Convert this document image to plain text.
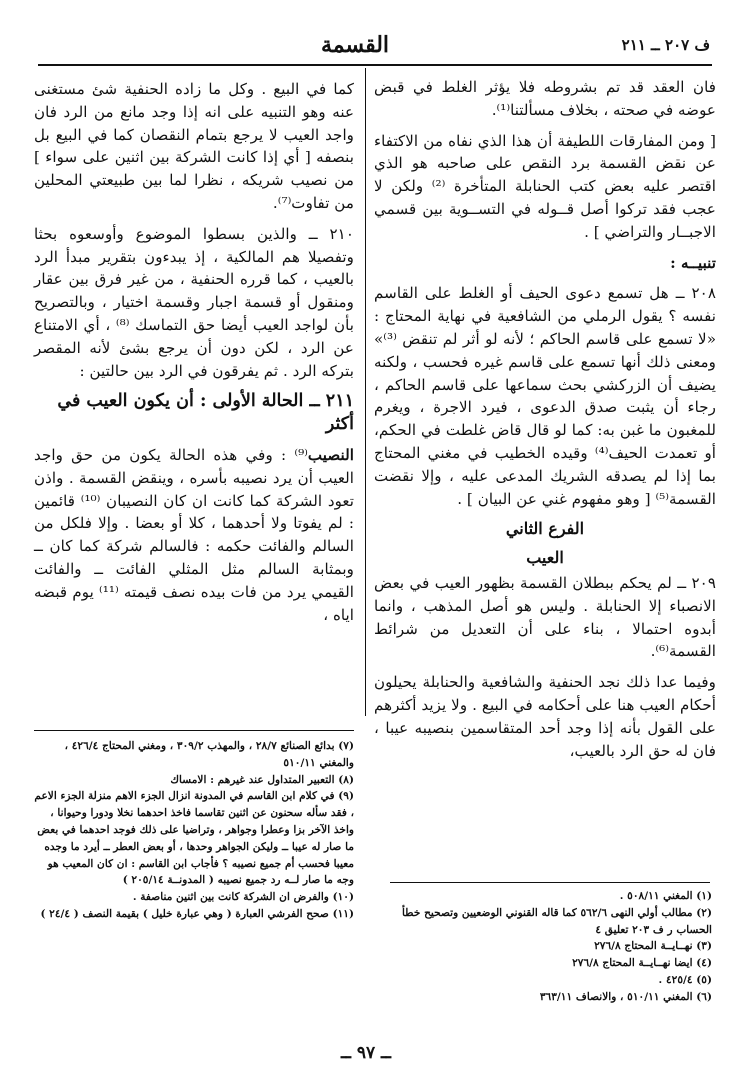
القسمة	ف ٢٠٧ ــ ٢١١

فان العقد قد تم بشروطه فلا يؤثر الغلط في قبض عوضه في صحته ، بخلاف مسألتنا⁽¹⁾.

[ ومن المفارقات اللطيفة أن هذا الذي نفاه من الاكتفاء عن نقض القسمة برد النقص على صاحبه هو الذي اقتصر عليه بعض كتب الحنابلة المتأخرة ⁽²⁾ ولكن لا عجب فقد تركوا أصل قــوله في التســوية بين قسمي الاجبــار والتراضي ] .

تنبيــه :

٢٠٨ ــ هل تسمع دعوى الحيف أو الغلط على القاسم نفسه ؟ يقول الرملي من الشافعية في نهاية المحتاج : «لا تسمع على قاسم الحاكم ؛ لأنه لو أثر لم تنقض ⁽³⁾» ومعنى ذلك أنها تسمع على قاسم غيره فحسب ، ولكنه يضيف أن الزركشي بحث سماعها على قاسم الحاكم ، رجاء أن يثبت صدق الدعوى ، فيرد الاجرة ، ويغرم للمغبون ما غبن به: كما لو قال قاض غلطت في الحكم، أو تعمدت الحيف⁽⁴⁾ وقيده الخطيب في مغني المحتاج بما إذا لم يصدقه الشريك المدعى عليه ، وإلا نقضت القسمة⁽⁵⁾ [ وهو مفهوم غني عن البيان ] .

الفرع الثاني
العيب

٢٠٩ ــ لم يحكم ببطلان القسمة بظهور العيب في بعض الانصباء إلا الحنابلة . وليس هو أصل المذهب ، وانما أبدوه احتمالا ، بناء على أن التعديل من شرائط القسمة⁽⁶⁾.

وفيما عدا ذلك نجد الحنفية والشافعية والحنابلة يحيلون أحكام العيب هنا على أحكامه في البيع . ولا يزيد أكثرهم على القول بأنه إذا وجد أحد المتقاسمين بنصيبه عيبا ، فان له حق الرد بالعيب،

كما في البيع . وكل ما زاده الحنفية شئ مستغنى عنه وهو التنبيه على انه إذا وجد مانع من الرد فان واجد العيب لا يرجع بتمام النقصان كما في البيع بل بنصفه [ أي إذا كانت الشركة بين اثنين على سواء ] من نصيب شريكه ، نظرا لما بين طبيعتي المحلين من تفاوت⁽⁷⁾.

٢١٠ ــ والذين بسطوا الموضوع وأوسعوه بحثا وتفصيلا هم المالكية ، إذ يبدءون بتقرير مبدأ الرد بالعيب ، كما قرره الحنفية ، من غير فرق بين عقار ومنقول أو قسمة اجبار وقسمة اختيار ، وبالتصريح بأن لواجد العيب أيضا حق التماسك ⁽⁸⁾ ، أي الامتناع عن الرد ، لكن دون أن يرجع بشئ لأنه المقصر بتركه الرد . ثم يفرقون في الرد بين حالتين :

٢١١ ــ الحالة الأولى : أن يكون العيب في أكثر

النصيب⁽⁹⁾ : وفي هذه الحالة يكون من حق واجد العيب أن يرد نصيبه بأسره ، وينقض القسمة . واذن تعود الشركة كما كانت ان كان النصيبان ⁽¹⁰⁾ قائمين : لم يفوتا ولا أحدهما ، كلا أو بعضا . وإلا فلكل من السالم والفائت حكمه : فالسالم شركة كما كان ــ وبمثابة السالم مثل المثلي الفائت ــ والفائت القيمي يرد من فات بيده نصف قيمته ⁽¹¹⁾ يوم قبضه اياه ،

(٧) بدائع الصنائع ٢٨/٧ ، والمهذب ٣٠٩/٢ ، ومغني المحتاج ٤٢٦/٤ ، والمغني ٥١٠/١١
(٨) التعبير المتداول عند غيرهم : الامساك
(٩) في كلام ابن القاسم في المدونة انزال الجزء الاهم منزلة الجزء الاعم ، فقد سأله سحنون عن اثنين تقاسما فاخذ احدهما نخلا ودورا وحيوانا ، واخذ الآخر بزا وعطرا وجواهر ، وتراضيا على ذلك فوجد احدهما في بعض ما صار له عيبا ــ وليكن الجواهر وحدها ، أو بعض العطر ــ أيرد ما وجده معيبا فحسب أم جميع نصيبه ؟ فأجاب ابن القاسم : ان كان المعيب هو وجه ما صار لــه رد جميع نصيبه ( المدونــة ٢٠٥/١٤ )
(١٠) والفرض ان الشركة كانت بين اثنين مناصفة .
(١١) صحح الفرشي العبارة ( وهي عبارة خليل ) بقيمة النصف ( ٢٤/٤ )
(١) المغني ٥٠٨/١١ .
(٢) مطالب أولي النهى ٥٦٢/٦ كما قاله القنوني الوضعيين وتصحيح خطأ الحساب ر ف ٢٠٣ تعليق ٤
(٣) نهــايــة المحتاج ٢٧٦/٨
(٤) ايضا نهــايــة المحتاج ٢٧٦/٨
(٥) ٤٢٥/٤ .
(٦) المغني ٥١٠/١١ ، والانصاف ٣٦٣/١١
ــ ٩٧ ــ
